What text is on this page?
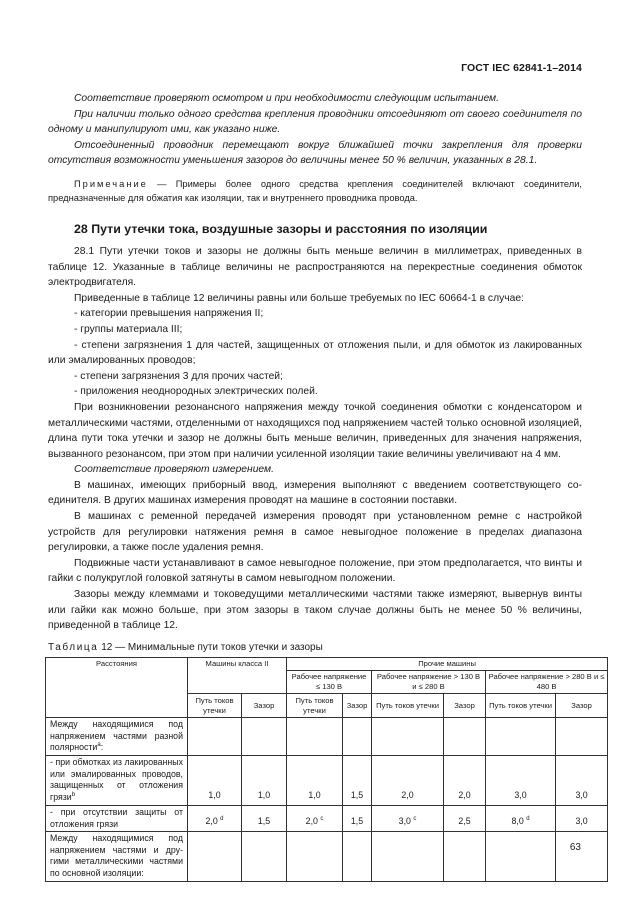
ГОСТ IEC 62841-1–2014

Соответствие проверяют осмотром и при необходимости следующим испытанием.

При наличии только одного средства крепления проводники отсоединяют от своего соединителя по одному и манипулируют ими, как указано ниже.

Отсоединенный проводник перемещают вокруг ближайшей точки закрепления для проверки отсутствия возможности уменьшения зазоров до величины менее 50 % величин, указанных в 28.1.

Примечание — Примеры более одного средства крепления соединителей включают соединители, предназначенные для обжатия как изоляции, так и внутреннего проводника провода.

28 Пути утечки тока, воздушные зазоры и расстояния по изоляции

28.1 Пути утечки токов и зазоры не должны быть меньше величин в миллиметрах, приведенных в таблице 12. Указанные в таблице величины не распространяются на перекрестные соединения обмоток электродвигателя.

Приведенные в таблице 12 величины равны или больше требуемых по IEC 60664-1 в случае:

- категории превышения напряжения II;

- группы материала III;

- степени загрязнения 1 для частей, защищенных от отложения пыли, и для обмоток из лакированных или эмалированных проводов;

- степени загрязнения 3 для прочих частей;

- приложения неоднородных электрических полей.

При возникновении резонансного напряжения между точкой соединения обмотки с конденсатором и металлическими частями, отделенными от находящихся под напряжением частей только основной изоляцией, длина пути тока утечки и зазор не должны быть меньше величин, приведенных для значения напряжения, вызванного резонансом, при этом при наличии усиленной изоляции такие величины увеличивают на 4 мм.

Соответствие проверяют измерением.

В машинах, имеющих приборный ввод, измерения выполняют с введением соответствующего соединителя. В других машинах измерения проводят на машине в состоянии поставки.

В машинах с ременной передачей измерения проводят при установленном ремне с настройкой устройств для регулировки натяжения ремня в самое невыгодное положение в пределах диапазона регулировки, а также после удаления ремня.

Подвижные части устанавливают в самое невыгодное положение, при этом предполагается, что винты и гайки с полукруглой головкой затянуты в самом невыгодном положении.

Зазоры между клеммами и токоведущими металлическими частями также измеряют, вывернув винты или гайки как можно больше, при этом зазоры в таком случае должны быть не менее 50 % величины, приведенной в таблице 12.

Таблица 12 — Минимальные пути токов утечки и зазоры
Расстояния	Машины класса II		Прочие машины					
			Рабочее напряжение ≤ 130 В		Рабочее напряжение > 130 В и ≤ 280 В		Рабочее напряжение > 280 В и ≤ 480 В	
	Путь токов утечки	Зазор	Путь токов утечки	Зазор	Путь токов утечки	Зазор	Путь токов утечки	Зазор
Между находящимися под напряжением частями разной полярности$^a$:								
- при обмотках из лакированных или эмалированных проводов, защищенных от отложения грязи$^b$	1,0	1,0	1,0	1,5	2,0	2,0	3,0	3,0
- при отсутствии защиты от отложения грязи	2,0 $^d$	1,5	2,0 $^c$	1,5	3,0 $^c$	2,5	8,0 $^d$	3,0
Между находящимися под напряжением частями и другими металлическими частями по основной изоляции:								
63
